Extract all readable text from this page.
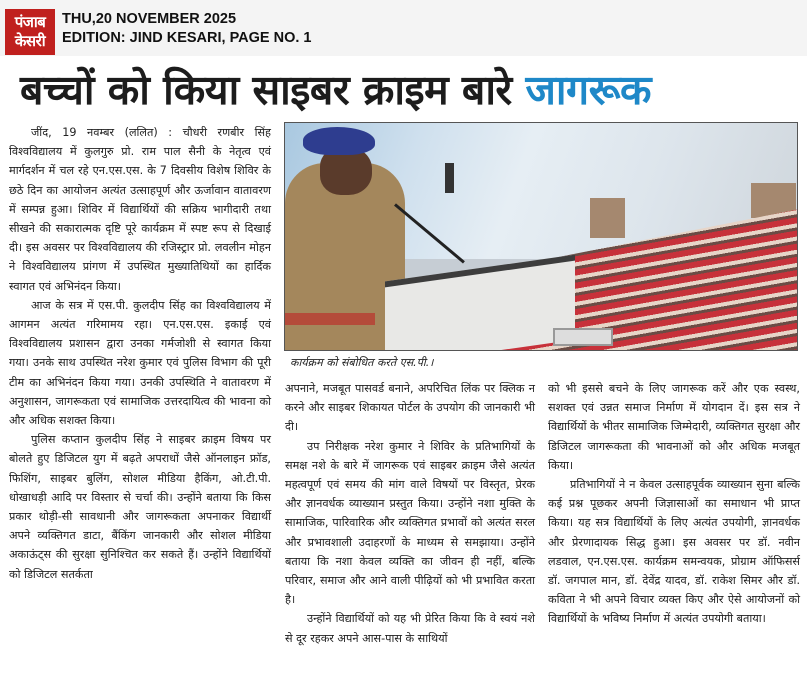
पंजाब
केसरी
THU,20 NOVEMBER 2025
EDITION: JIND KESARI, PAGE NO. 1
बच्चों को किया साइबर क्राइम बारे जागरूक

जींद, 19 नवम्बर (ललित) : चौधरी रणबीर सिंह विश्वविद्यालय में कुलगुरु प्रो. राम पाल सैनी के नेतृत्व एवं मार्गदर्शन में चल रहे एन.एस.एस. के 7 दिवसीय विशेष शिविर के छठे दिन का आयोजन अत्यंत उत्साहपूर्ण और ऊर्जावान वातावरण में सम्पन्न हुआ। शिविर में विद्यार्थियों की सक्रिय भागीदारी तथा सीखने की सकारात्मक दृष्टि पूरे कार्यक्रम में स्पष्ट रूप से दिखाई दी। इस अवसर पर विश्वविद्यालय की रजिस्ट्रार प्रो. लवलीन मोहन ने विश्वविद्यालय प्रांगण में उपस्थित मुख्यातिथियों का हार्दिक स्वागत एवं अभिनंदन किया।

आज के सत्र में एस.पी. कुलदीप सिंह का विश्वविद्यालय में आगमन अत्यंत गरिमामय रहा। एन.एस.एस. इकाई एवं विश्वविद्यालय प्रशासन द्वारा उनका गर्मजोशी से स्वागत किया गया। उनके साथ उपस्थित नरेश कुमार एवं पुलिस विभाग की पूरी टीम का अभिनंदन किया गया। उनकी उपस्थिति ने वातावरण में अनुशासन, जागरूकता एवं सामाजिक उत्तरदायित्व की भावना को और अधिक सशक्त किया।

पुलिस कप्तान कुलदीप सिंह ने साइबर क्राइम विषय पर बोलते हुए डिजिटल युग में बढ़ते अपराधों जैसे ऑनलाइन फ्रॉड, फिशिंग, साइबर बुलिंग, सोशल मीडिया हैकिंग, ओ.टी.पी. धोखाधड़ी आदि पर विस्तार से चर्चा की। उन्होंने बताया कि किस प्रकार थोड़ी-सी सावधानी और जागरूकता अपनाकर विद्यार्थी अपने व्यक्तिगत डाटा, बैंकिंग जानकारी और सोशल मीडिया अकाऊंट्स की सुरक्षा सुनिश्चित कर सकते हैं। उन्होंने विद्यार्थियों को डिजिटल सतर्कता

कार्यक्रम को संबोधित करते एस.पी.।

अपनाने, मजबूत पासवर्ड बनाने, अपरिचित लिंक पर क्लिक न करने और साइबर शिकायत पोर्टल के उपयोग की जानकारी भी दी।

उप निरीक्षक नरेश कुमार ने शिविर के प्रतिभागियों के समक्ष नशे के बारे में जागरूक एवं साइबर क्राइम जैसे अत्यंत महत्वपूर्ण एवं समय की मांग वाले विषयों पर विस्तृत, प्रेरक और ज्ञानवर्धक व्याख्यान प्रस्तुत किया। उन्होंने नशा मुक्ति के सामाजिक, पारिवारिक और व्यक्तिगत प्रभावों को अत्यंत सरल और प्रभावशाली उदाहरणों के माध्यम से समझाया। उन्होंने बताया कि नशा केवल व्यक्ति का जीवन ही नहीं, बल्कि परिवार, समाज और आने वाली पीढ़ियों को भी प्रभावित करता है।

उन्होंने विद्यार्थियों को यह भी प्रेरित किया कि वे स्वयं नशे से दूर रहकर अपने आस-पास के साथियों

को भी इससे बचने के लिए जागरूक करें और एक स्वस्थ, सशक्त एवं उन्नत समाज निर्माण में योगदान दें। इस सत्र ने विद्यार्थियों के भीतर सामाजिक जिम्मेदारी, व्यक्तिगत सुरक्षा और डिजिटल जागरूकता की भावनाओं को और अधिक मजबूत किया।

प्रतिभागियों ने न केवल उत्साहपूर्वक व्याख्यान सुना बल्कि कई प्रश्न पूछकर अपनी जिज्ञासाओं का समाधान भी प्राप्त किया। यह सत्र विद्यार्थियों के लिए अत्यंत उपयोगी, ज्ञानवर्धक और प्रेरणादायक सिद्ध हुआ। इस अवसर पर डॉ. नवीन लडवाल, एन.एस.एस. कार्यक्रम समन्वयक, प्रोग्राम ऑफिसर्स डॉ. जगपाल मान, डॉ. देवेंद्र यादव, डॉ. राकेश सिमर और डॉ. कविता ने भी अपने विचार व्यक्त किए और ऐसे आयोजनों को विद्यार्थियों के भविष्य निर्माण में अत्यंत उपयोगी बताया।
